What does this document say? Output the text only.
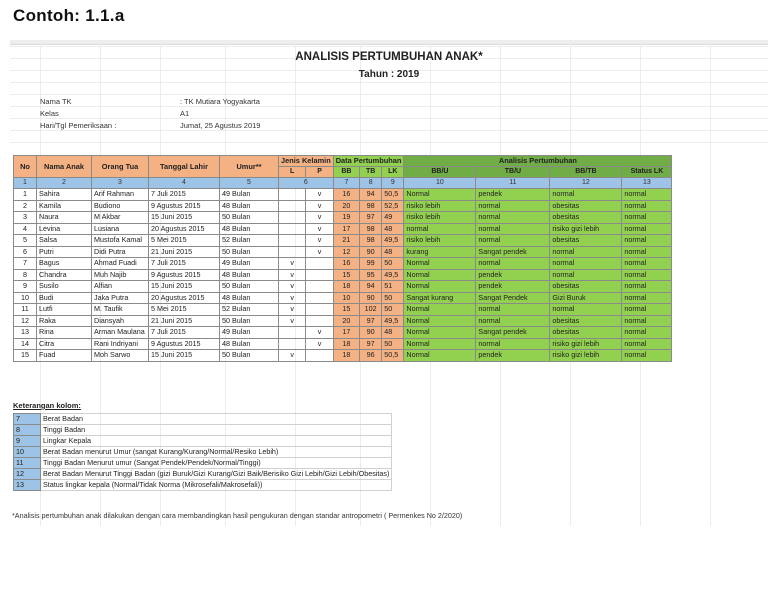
Contoh: 1.1.a
ANALISIS PERTUMBUHAN ANAK*
Tahun : 2019
Nama TK	: TK Mutiara Yogyakarta
Kelas	A1
Hari/Tgl Pemeriksaan :	Jumat, 25 Agustus 2019
No	Nama Anak	Orang Tua	Tanggal Lahir	Umur**	Jenis Kelamin		Data Pertumbuhan			Analisis Pertumbuhan			
					L	P	BB	TB	LK	BB/U	TB/U	BB/TB	Status LK
1	2	3	4	5	6		7	8	9	10	11	12	13
1	Sahira	Arif Rahman	7 Juli 2015	49 Bulan		v	16	94	50,5	Normal	pendek	normal	normal
2	Kamila	Budiono	9 Agustus 2015	48 Bulan		v	20	98	52,5	risiko lebih	normal	obesitas	normal
3	Naura	M Akbar	15 Juni 2015	50 Bulan		v	19	97	49	risiko lebih	normal	obesitas	normal
4	Levina	Lusiana	20 Agustus 2015	48 Bulan		v	17	98	48	normal	normal	risiko gizi lebih	normal
5	Salsa	Mustofa Kamal	5 Mei 2015	52 Bulan		v	21	98	49,5	risiko lebih	normal	obesitas	normal
6	Putri	Didi Putra	21 Juni 2015	50 Bulan		v	12	90	48	kurang	Sangat pendek	normal	normal
7	Bagus	Ahmad Fuadi	7 Juli 2015	49 Bulan	v		16	99	50	Normal	normal	normal	normal
8	Chandra	Muh Najib	9 Agustus 2015	48 Bulan	v		15	95	49,5	Normal	pendek	normal	normal
9	Susilo	Alfian	15 Juni 2015	50 Bulan	v		18	94	51	Normal	pendek	obesitas	normal
10	Budi	Jaka Putra	20 Agustus 2015	48 Bulan	v		10	90	50	Sangat kurang	Sangat Pendek	Gizi Buruk	normal
11	Lutfi	M. Taufik	5 Mei 2015	52 Bulan	v		15	102	50	Normal	normal	normal	normal
12	Raka	Diansyah	21 Juni 2015	50 Bulan	v		20	97	49,5	Normal	normal	obesitas	normal
13	Rina	Arman Maulana	7 Juli 2015	49 Bulan		v	17	90	48	Normal	Sangat pendek	obesitas	normal
14	Citra	Rani Indriyani	9 Agustus 2015	48 Bulan		v	18	97	50	Normal	normal	risiko gizi lebih	normal
15	Fuad	Moh Sarwo	15 Juni 2015	50 Bulan	v		18	96	50,5	Normal	pendek	risiko gizi lebih	normal
Keterangan kolom:
7	Berat Badan
8	Tinggi Badan
9	Lingkar Kepala
10	Berat Badan menurut Umur (sangat Kurang/Kurang/Normal/Resiko Lebih)
11	Tinggi Badan Menurut umur (Sangat Pendek/Pendek/Normal/Tinggi)
12	Berat Badan Menurut Tinggi Badan (gizi Buruk/Gizi Kurang/Gizi Baik/Berisiko Gizi Lebih/Gizi Lebih/Obesitas)
13	Status lingkar kepala (Normal/Tidak Norma (Mikrosefali/Makrosefali))
*Analisis pertumbuhan anak dilakukan dengan cara membandingkan hasil pengukuran dengan standar antropometri ( Permenkes No 2/2020)
